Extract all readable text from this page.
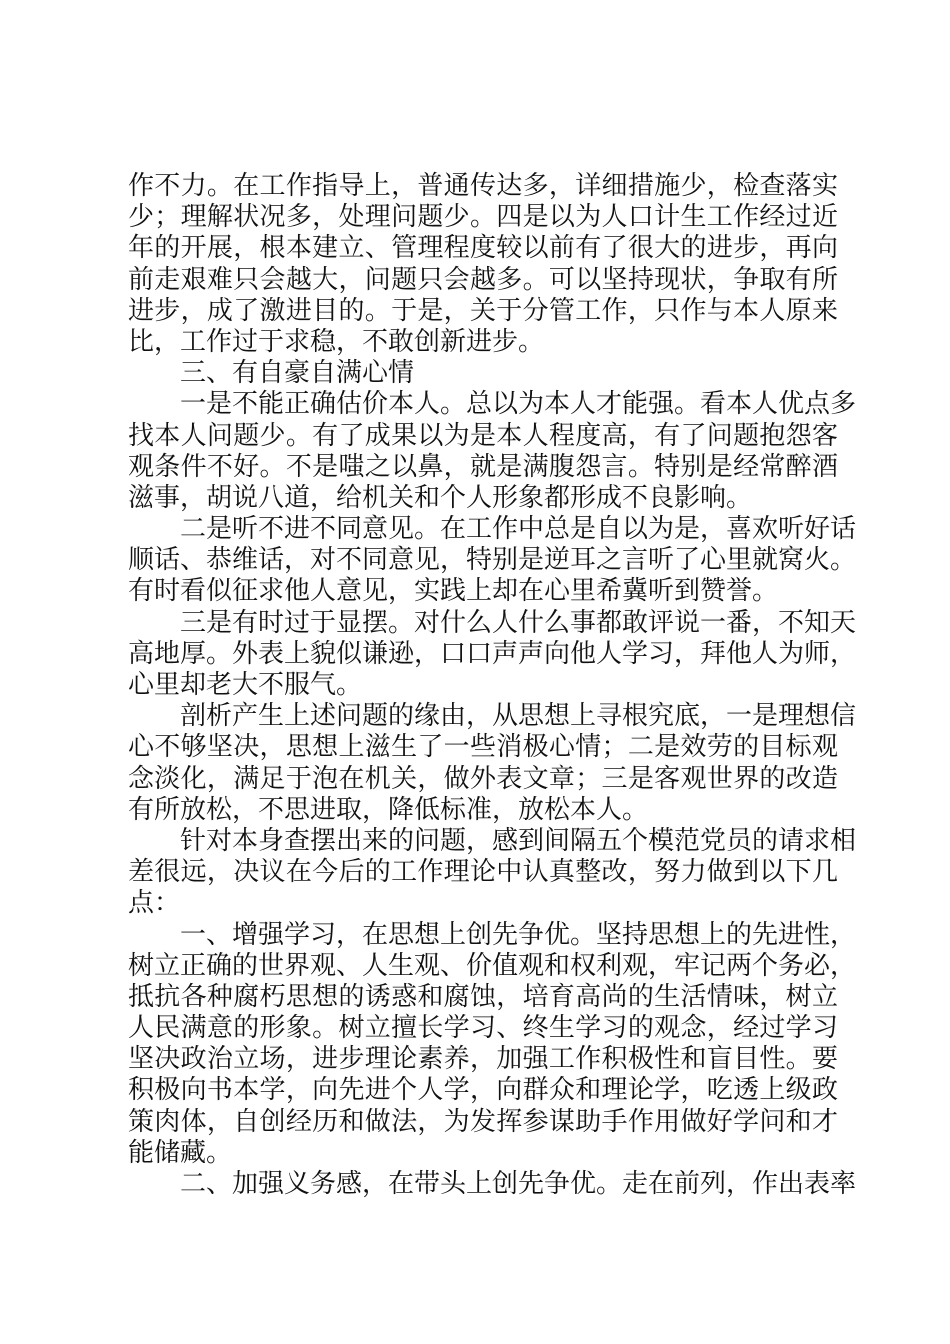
作不力。在工作指导上，普通传达多，详细措施少，检查落实
少；理解状况多，处理问题少。四是以为人口计生工作经过近
年的开展，根本建立、管理程度较以前有了很大的进步，再向
前走艰难只会越大，问题只会越多。可以坚持现状，争取有所
进步，成了激进目的。于是，关于分管工作，只作与本人原来
比，工作过于求稳，不敢创新进步。
三、有自豪自满心情
一是不能正确估价本人。总以为本人才能强。看本人优点多
找本人问题少。有了成果以为是本人程度高，有了问题抱怨客
观条件不好。不是嗤之以鼻，就是满腹怨言。特别是经常醉酒
滋事，胡说八道，给机关和个人形象都形成不良影响。
二是听不进不同意见。在工作中总是自以为是，喜欢听好话
顺话、恭维话，对不同意见，特别是逆耳之言听了心里就窝火。
有时看似征求他人意见，实践上却在心里希冀听到赞誉。
三是有时过于显摆。对什么人什么事都敢评说一番，不知天
高地厚。外表上貌似谦逊，口口声声向他人学习，拜他人为师，
心里却老大不服气。
剖析产生上述问题的缘由，从思想上寻根究底，一是理想信
心不够坚决，思想上滋生了一些消极心情；二是效劳的目标观
念淡化，满足于泡在机关，做外表文章；三是客观世界的改造
有所放松，不思进取，降低标准，放松本人。
针对本身查摆出来的问题，感到间隔五个模范党员的请求相
差很远，决议在今后的工作理论中认真整改，努力做到以下几
点：
一、增强学习，在思想上创先争优。坚持思想上的先进性，
树立正确的世界观、人生观、价值观和权利观，牢记两个务必，
抵抗各种腐朽思想的诱惑和腐蚀，培育高尚的生活情味，树立
人民满意的形象。树立擅长学习、终生学习的观念，经过学习
坚决政治立场，进步理论素养，加强工作积极性和盲目性。要
积极向书本学，向先进个人学，向群众和理论学，吃透上级政
策肉体，自创经历和做法，为发挥参谋助手作用做好学问和才
能储藏。
二、加强义务感，在带头上创先争优。走在前列，作出表率
